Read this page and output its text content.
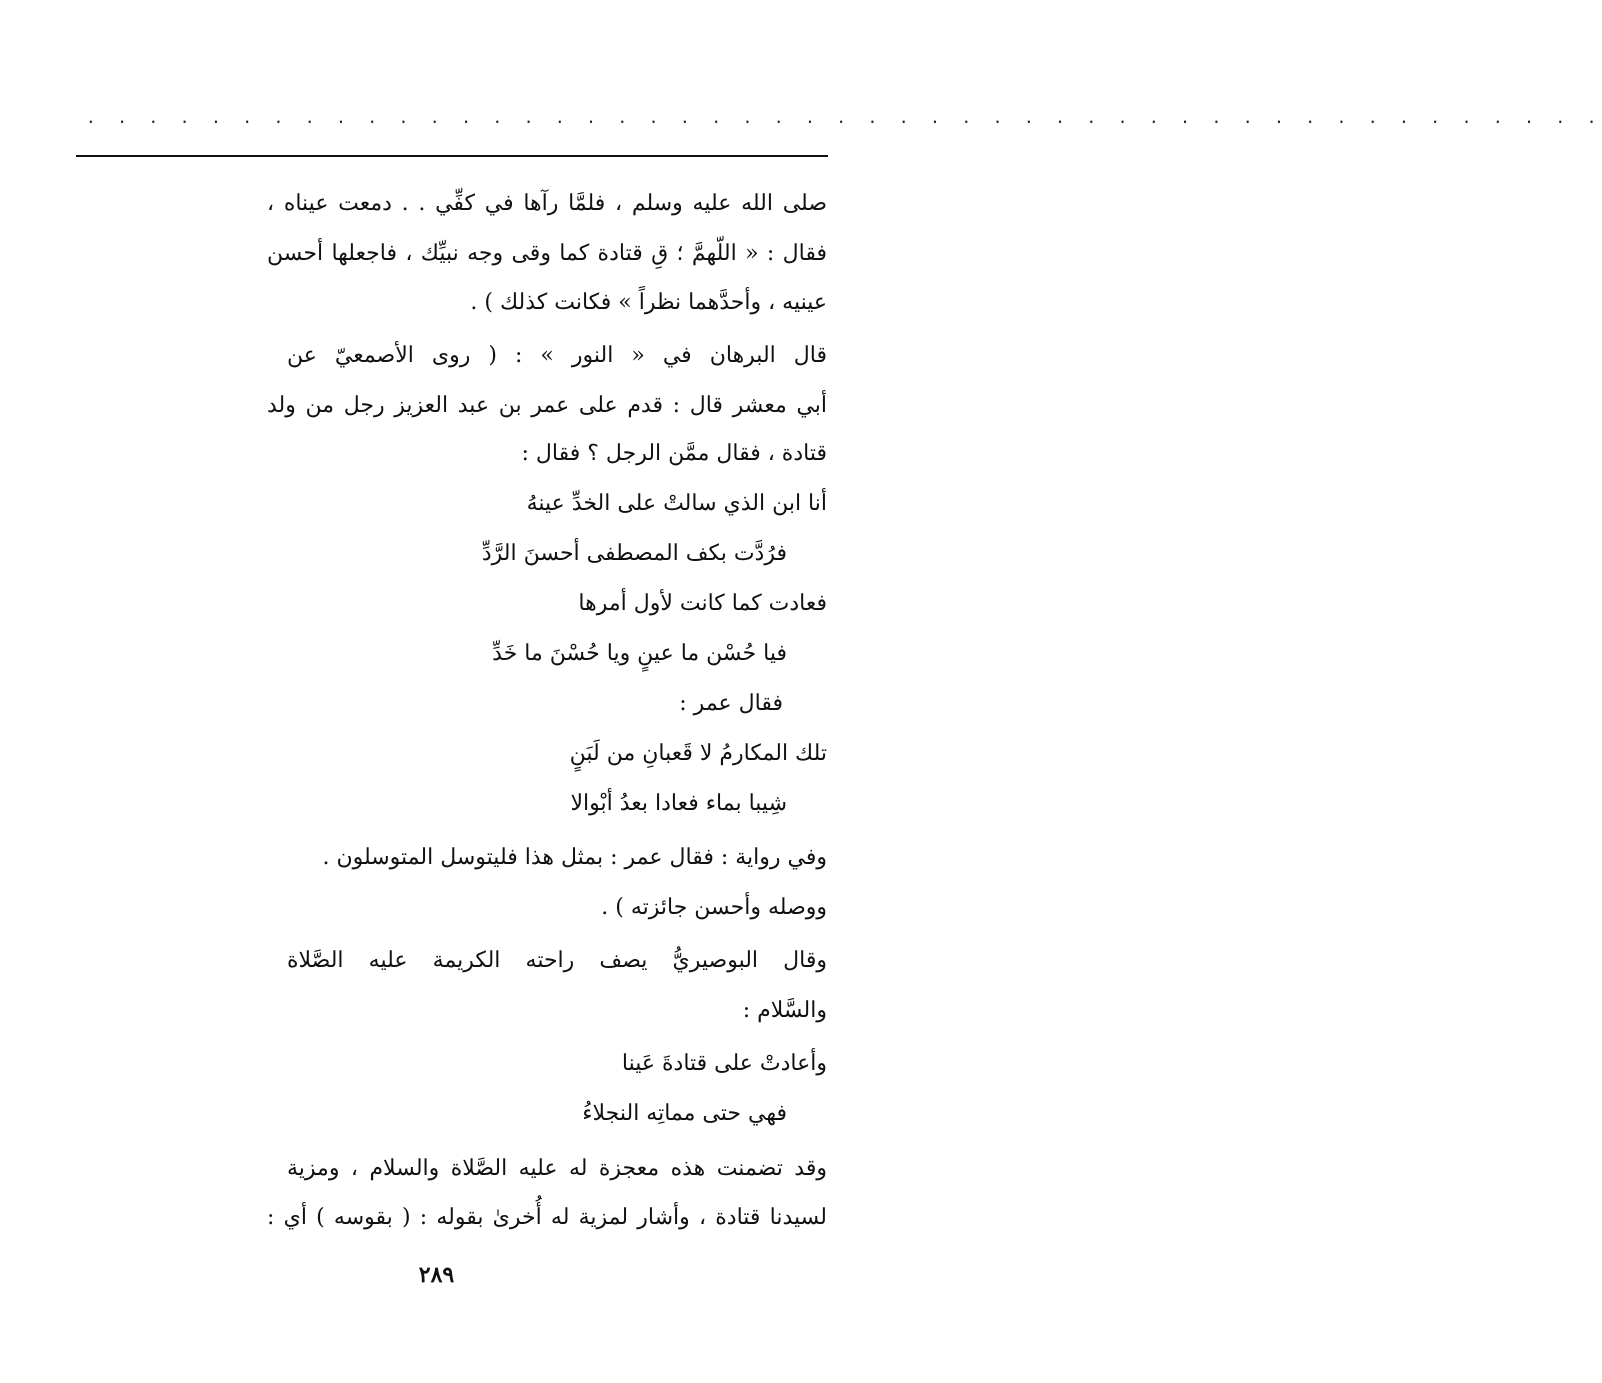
. . . . . . . . . . . . . . . . . . . . . . . . . . . . . . . . . . . . . . . . . . . . . . . . .
صلى الله عليه وسلم ، فلمَّا رآها في كفِّي . . دمعت عيناه ،
فقال : « اللّهمَّ ؛ قِ قتادة كما وقى وجه نبيِّك ، فاجعلها أحسن
عينيه ، وأحدَّهما نظراً » فكانت كذلك ) .
قال البرهان في « النور » : ( روى الأصمعيّ عن
أبي معشر قال : قدم على عمر بن عبد العزيز رجل من ولد
قتادة ، فقال ممَّن الرجل ؟ فقال :
أنا ابن الذي سالتْ على الخدِّ عينهُ
فرُدَّت بكف المصطفى أحسنَ الرَّدِّ
فعادت كما كانت لأول أمرها
فيا حُسْن ما عينٍ ويا حُسْنَ ما خَدِّ
فقال عمر :
تلك المكارمُ لا قَعبانِ من لَبَنٍ
شِيبا بماء فعادا بعدُ أبْوالا
وفي رواية : فقال عمر : بمثل هذا فليتوسل المتوسلون .
ووصله وأحسن جائزته ) .
وقال البوصيريُّ يصف راحته الكريمة عليه الصَّلاة
والسَّلام :
وأعادتْ على قتادةَ عَينا
فهي حتى مماتِه النجلاءُ
وقد تضمنت هذه معجزة له عليه الصَّلاة والسلام ، ومزية
لسيدنا قتادة ، وأشار لمزية له أُخرىٰ بقوله : ( بقوسه ) أي :
٢٨٩
